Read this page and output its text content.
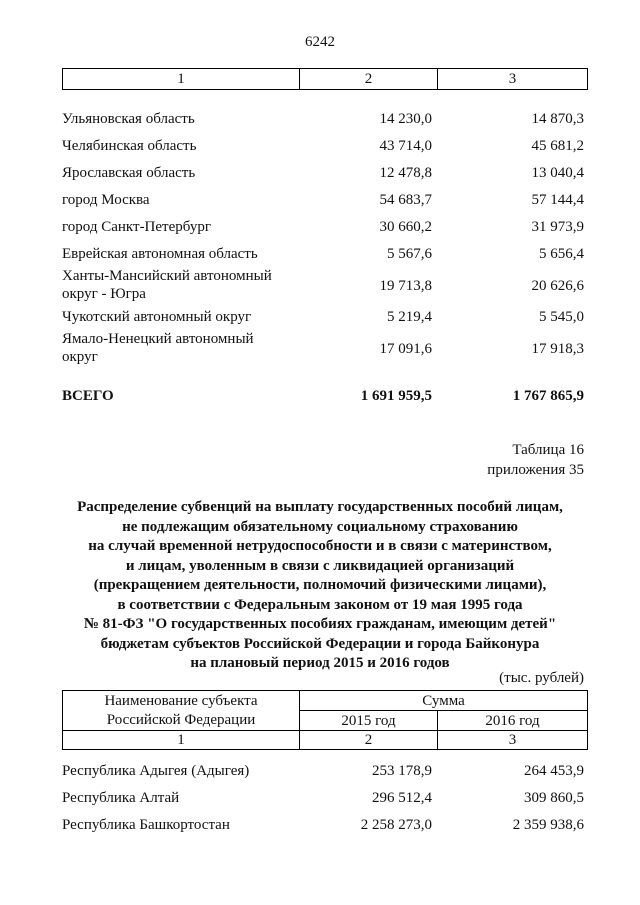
6242
1	2	3
Ульяновская область	14 230,0	14 870,3
Челябинская область	43 714,0	45 681,2
Ярославская область	12 478,8	13 040,4
город Москва	54 683,7	57 144,4
город Санкт-Петербург	30 660,2	31 973,9
Еврейская автономная область	5 567,6	5 656,4
Ханты-Мансийский автономный округ - Югра	19 713,8	20 626,6
Чукотский автономный округ	5 219,4	5 545,0
Ямало-Ненецкий автономный округ	17 091,6	17 918,3
ВСЕГО	1 691 959,5	1 767 865,9
Таблица 16
приложения 35
Распределение субвенций на выплату государственных пособий лицам,
не подлежащим обязательному социальному страхованию
на случай временной нетрудоспособности и в связи с материнством,
и лицам, уволенным в связи с ликвидацией организаций
(прекращением деятельности, полномочий физическими лицами),
в соответствии с Федеральным законом от 19 мая 1995 года
№ 81-ФЗ "О государственных пособиях гражданам, имеющим детей"
бюджетам субъектов Российской Федерации и города Байконура
на плановый период 2015 и 2016 годов
(тыс. рублей)
Наименование субъекта
Российской Федерации	Сумма	
	2015 год	2016 год
1	2	3
Республика Адыгея (Адыгея)	253 178,9	264 453,9
Республика Алтай	296 512,4	309 860,5
Республика Башкортостан	2 258 273,0	2 359 938,6
